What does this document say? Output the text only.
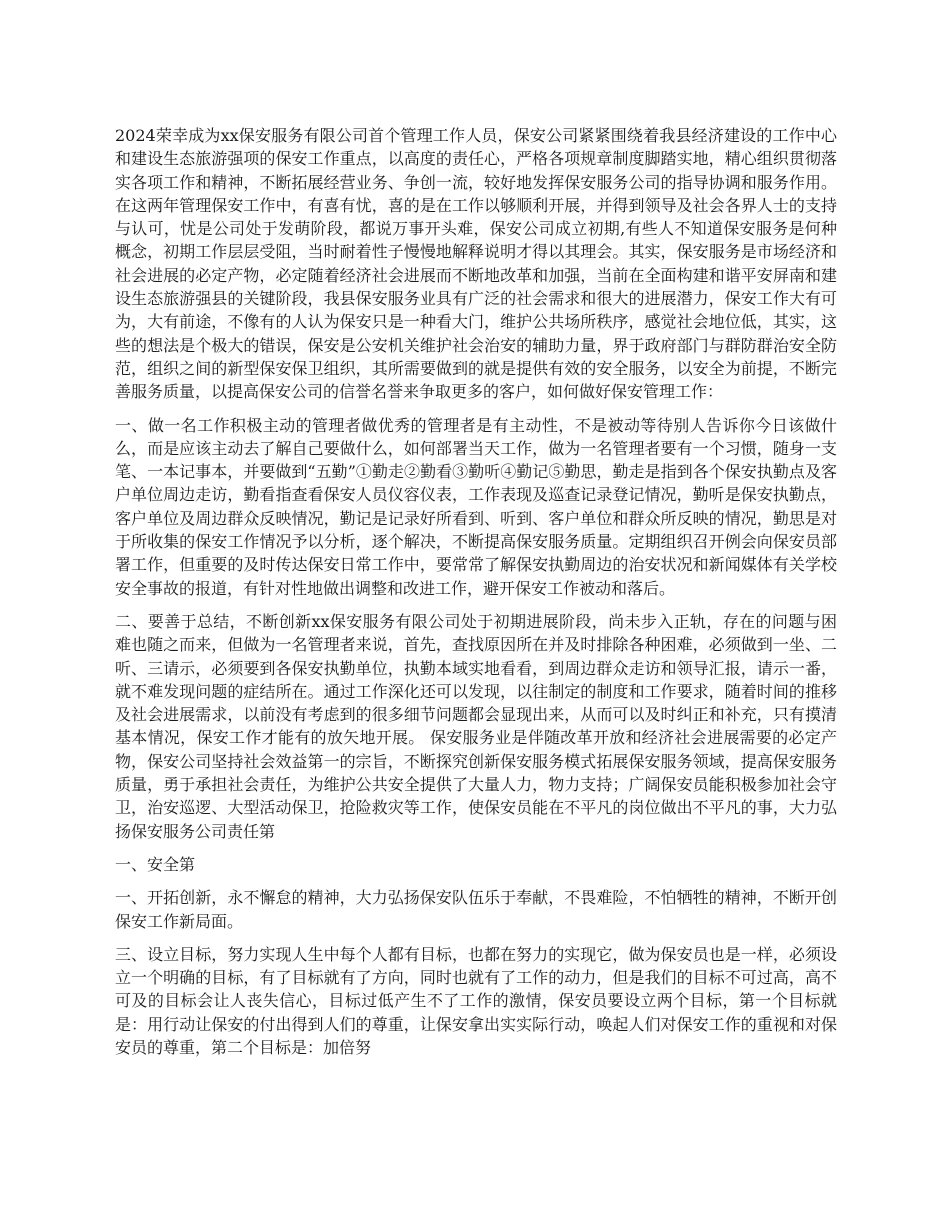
2024荣幸成为xx保安服务有限公司首个管理工作人员，保安公司紧紧围绕着我县经济建设的工作中心和建设生态旅游强项的保安工作重点，以高度的责任心，严格各项规章制度脚踏实地，精心组织贯彻落实各项工作和精神，不断拓展经营业务、争创一流，较好地发挥保安服务公司的指导协调和服务作用。在这两年管理保安工作中，有喜有忧，喜的是在工作以够顺利开展，并得到领导及社会各界人士的支持与认可，忧是公司处于发萌阶段，都说万事开头难，保安公司成立初期,有些人不知道保安服务是何种概念，初期工作层层受阻，当时耐着性子慢慢地解释说明才得以其理会。其实，保安服务是市场经济和社会进展的必定产物，必定随着经济社会进展而不断地改革和加强，当前在全面构建和谐平安屏南和建设生态旅游强县的关键阶段，我县保安服务业具有广泛的社会需求和很大的进展潜力，保安工作大有可为，大有前途，不像有的人认为保安只是一种看大门，维护公共场所秩序，感觉社会地位低，其实，这些的想法是个极大的错误，保安是公安机关维护社会治安的辅助力量，界于政府部门与群防群治安全防范，组织之间的新型保安保卫组织，其所需要做到的就是提供有效的安全服务，以安全为前提，不断完善服务质量，以提高保安公司的信誉名誉来争取更多的客户，如何做好保安管理工作：

一、做一名工作积极主动的管理者做优秀的管理者是有主动性，不是被动等待别人告诉你今日该做什么，而是应该主动去了解自己要做什么，如何部署当天工作，做为一名管理者要有一个习惯，随身一支笔、一本记事本，并要做到“五勤”①勤走②勤看③勤听④勤记⑤勤思，勤走是指到各个保安执勤点及客户单位周边走访，勤看指查看保安人员仪容仪表，工作表现及巡查记录登记情况，勤听是保安执勤点，客户单位及周边群众反映情况，勤记是记录好所看到、听到、客户单位和群众所反映的情况，勤思是对于所收集的保安工作情况予以分析，逐个解决，不断提高保安服务质量。定期组织召开例会向保安员部署工作，但重要的及时传达保安日常工作中，要常常了解保安执勤周边的治安状况和新闻媒体有关学校安全事故的报道，有针对性地做出调整和改进工作，避开保安工作被动和落后。

二、要善于总结，不断创新xx保安服务有限公司处于初期进展阶段，尚未步入正轨，存在的问题与困难也随之而来，但做为一名管理者来说，首先，查找原因所在并及时排除各种困难，必须做到一坐、二听、三请示，必须要到各保安执勤单位，执勤本域实地看看，到周边群众走访和领导汇报，请示一番，就不难发现问题的症结所在。通过工作深化还可以发现，以往制定的制度和工作要求，随着时间的推移及社会进展需求，以前没有考虑到的很多细节问题都会显现出来，从而可以及时纠正和补充，只有摸清基本情况，保安工作才能有的放矢地开展。 保安服务业是伴随改革开放和经济社会进展需要的必定产物，保安公司坚持社会效益第一的宗旨，不断探究创新保安服务模式拓展保安服务领域，提高保安服务质量，勇于承担社会责任，为维护公共安全提供了大量人力，物力支持；广阔保安员能积极参加社会守卫，治安巡逻、大型活动保卫，抢险救灾等工作，使保安员能在不平凡的岗位做出不平凡的事，大力弘扬保安服务公司责任第

一、安全第

一、开拓创新，永不懈怠的精神，大力弘扬保安队伍乐于奉献，不畏难险，不怕牺牲的精神，不断开创保安工作新局面。

三、设立目标，努力实现人生中每个人都有目标，也都在努力的实现它，做为保安员也是一样，必须设立一个明确的目标，有了目标就有了方向，同时也就有了工作的动力，但是我们的目标不可过高，高不可及的目标会让人丧失信心，目标过低产生不了工作的激情，保安员要设立两个目标，第一个目标就是：用行动让保安的付出得到人们的尊重，让保安拿出实实际行动，唤起人们对保安工作的重视和对保安员的尊重，第二个目标是：加倍努
